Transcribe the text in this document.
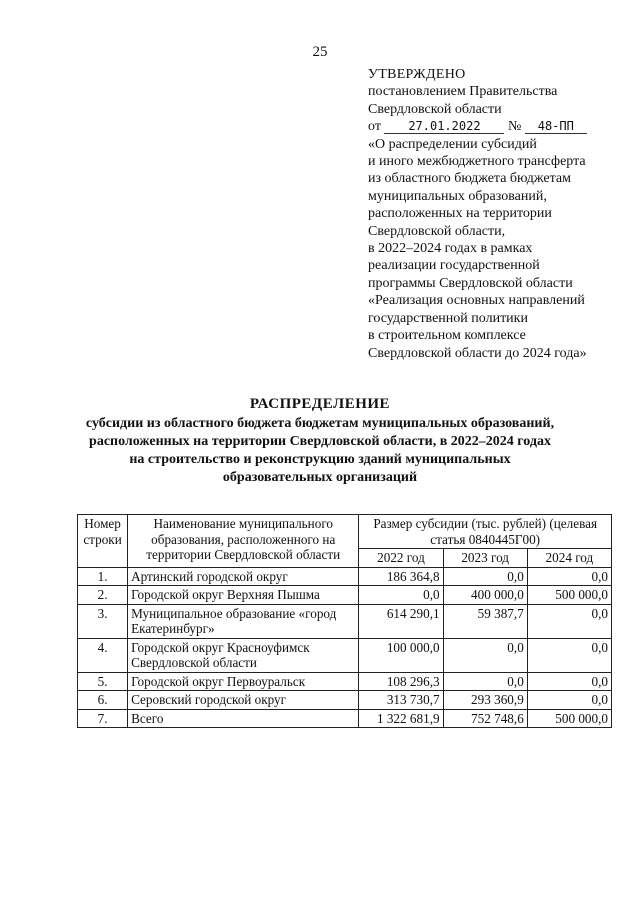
25
УТВЕРЖДЕНО
постановлением Правительства
Свердловской области
от 27.01.2022 № 48-ПП
«О распределении субсидий
и иного межбюджетного трансферта
из областного бюджета бюджетам
муниципальных образований,
расположенных на территории
Свердловской области,
в 2022–2024 годах в рамках
реализации государственной
программы Свердловской области
«Реализация основных направлений
государственной политики
в строительном комплексе
Свердловской области до 2024 года»
РАСПРЕДЕЛЕНИЕ
субсидии из областного бюджета бюджетам муниципальных образований,
расположенных на территории Свердловской области, в 2022–2024 годах
на строительство и реконструкцию зданий муниципальных
образовательных организаций
Номер строки	Наименование муниципального образования, расположенного на территории Свердловской области	Размер субсидии (тыс. рублей) (целевая статья 0840445Г00)		
		2022 год	2023 год	2024 год
1.	Артинский городской округ	186 364,8	0,0	0,0
2.	Городской округ Верхняя Пышма	0,0	400 000,0	500 000,0
3.	Муниципальное образование «город Екатеринбург»	614 290,1	59 387,7	0,0
4.	Городской округ Красноуфимск Свердловской области	100 000,0	0,0	0,0
5.	Городской округ Первоуральск	108 296,3	0,0	0,0
6.	Серовский городской округ	313 730,7	293 360,9	0,0
7.	Всего	1 322 681,9	752 748,6	500 000,0
